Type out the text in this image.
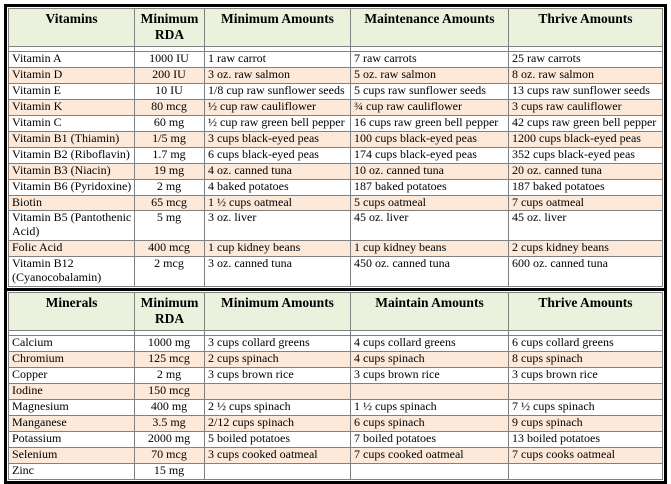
Vitamins	Minimum RDA	Minimum Amounts	Maintenance Amounts	Thrive Amounts

Vitamin A	1000 IU	1 raw carrot	7 raw carrots	25 raw carrots
Vitamin D	200 IU	3 oz. raw salmon	5 oz. raw salmon	8 oz. raw salmon
Vitamin E	10 IU	1/8 cup raw sunflower seeds	5 cups raw sunflower seeds	13 cups raw sunflower seeds
Vitamin K	80 mcg	½ cup raw cauliflower	¾ cup raw cauliflower	3 cups raw cauliflower
Vitamin C	60 mg	½ cup raw green bell pepper	16 cups raw green bell pepper	42 cups raw green bell pepper
Vitamin B1 (Thiamin)	1/5 mg	3 cups black-eyed peas	100 cups black-eyed peas	1200 cups black-eyed peas
Vitamin B2 (Riboflavin)	1.7 mg	6 cups black-eyed peas	174 cups black-eyed peas	352 cups black-eyed peas
Vitamin B3 (Niacin)	19 mg	4 oz. canned tuna	10 oz. canned tuna	20 oz. canned tuna
Vitamin B6 (Pyridoxine)	2 mg	4 baked potatoes	187 baked potatoes	187 baked potatoes
Biotin	65 mcg	1 ½ cups oatmeal	5 cups oatmeal	7 cups oatmeal
Vitamin B5 (Pantothenic Acid)	5 mg	3 oz. liver	45 oz. liver	45 oz. liver
Folic Acid	400 mcg	1 cup kidney beans	1 cup kidney beans	2 cups kidney beans
Vitamin B12 (Cyanocobalamin)	2 mcg	3 oz. canned tuna	450 oz. canned tuna	600 oz. canned tuna
Minerals	Minimum RDA	Minimum Amounts	Maintain Amounts	Thrive Amounts

Calcium	1000 mg	3 cups collard greens	4 cups collard greens	6 cups collard greens
Chromium	125 mcg	2 cups spinach	4 cups spinach	8 cups spinach
Copper	2 mg	3 cups brown rice	3 cups brown rice	3 cups brown rice
Iodine	150 mcg			
Magnesium	400 mg	2 ½ cups spinach	1 ½ cups spinach	7 ½ cups spinach
Manganese	3.5 mg	2/12 cups spinach	6 cups spinach	9 cups spinach
Potassium	2000 mg	5 boiled potatoes	7 boiled potatoes	13 boiled potatoes
Selenium	70 mcg	3 cups cooked oatmeal	7 cups cooked oatmeal	7 cups cooks oatmeal
Zinc	15 mg			
